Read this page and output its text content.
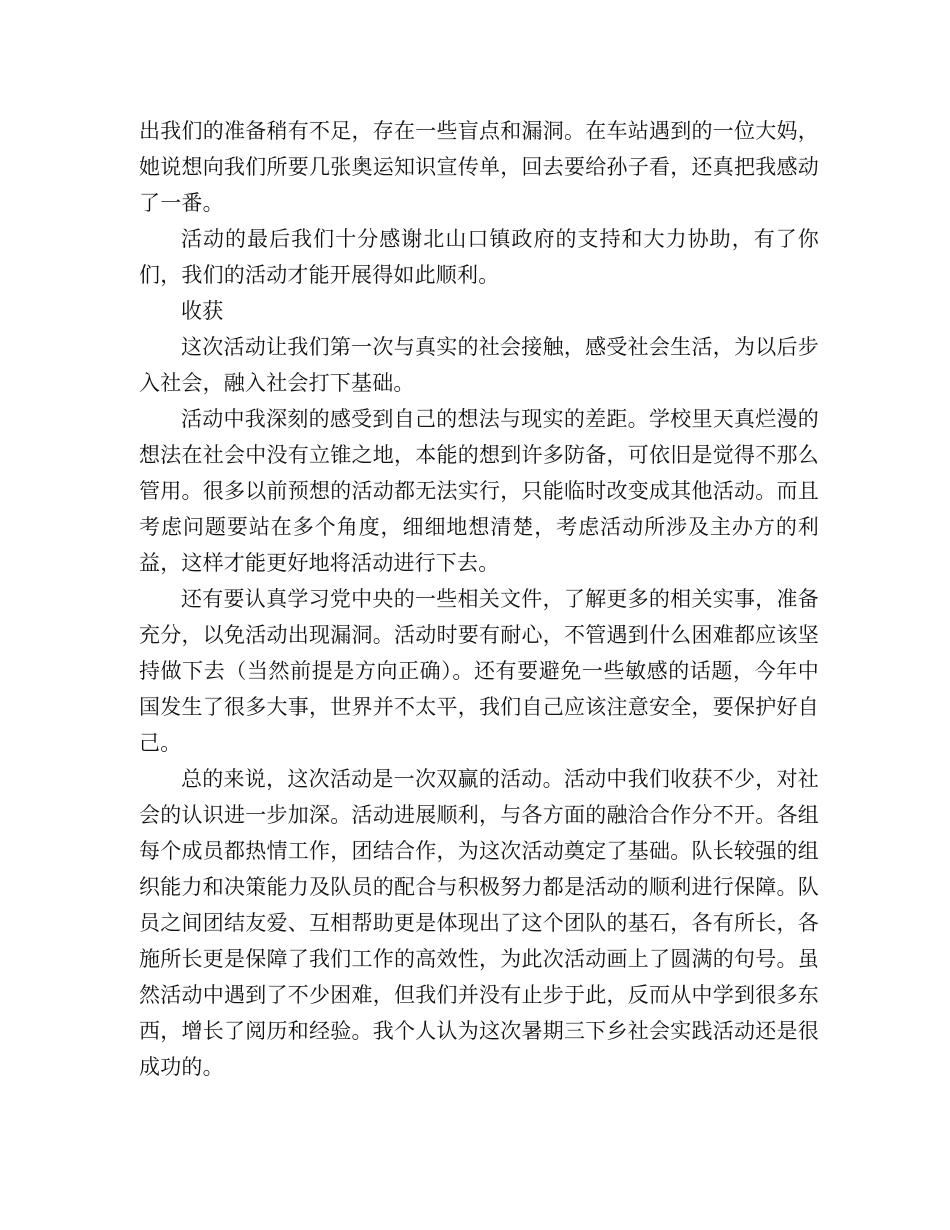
出我们的准备稍有不足，存在一些盲点和漏洞。在车站遇到的一位大妈，她说想向我们所要几张奥运知识宣传单，回去要给孙子看，还真把我感动了一番。

活动的最后我们十分感谢北山口镇政府的支持和大力协助，有了你们，我们的活动才能开展得如此顺利。

收获

这次活动让我们第一次与真实的社会接触，感受社会生活，为以后步入社会，融入社会打下基础。

活动中我深刻的感受到自己的想法与现实的差距。学校里天真烂漫的想法在社会中没有立锥之地，本能的想到许多防备，可依旧是觉得不那么管用。很多以前预想的活动都无法实行，只能临时改变成其他活动。而且考虑问题要站在多个角度，细细地想清楚，考虑活动所涉及主办方的利益，这样才能更好地将活动进行下去。

还有要认真学习党中央的一些相关文件，了解更多的相关实事，准备充分，以免活动出现漏洞。活动时要有耐心，不管遇到什么困难都应该坚持做下去（当然前提是方向正确）。还有要避免一些敏感的话题，今年中国发生了很多大事，世界并不太平，我们自己应该注意安全，要保护好自己。

总的来说，这次活动是一次双赢的活动。活动中我们收获不少，对社会的认识进一步加深。活动进展顺利，与各方面的融洽合作分不开。各组每个成员都热情工作，团结合作，为这次活动奠定了基础。队长较强的组织能力和决策能力及队员的配合与积极努力都是活动的顺利进行保障。队员之间团结友爱、互相帮助更是体现出了这个团队的基石，各有所长，各施所长更是保障了我们工作的高效性，为此次活动画上了圆满的句号。虽然活动中遇到了不少困难，但我们并没有止步于此，反而从中学到很多东西，增长了阅历和经验。我个人认为这次暑期三下乡社会实践活动还是很成功的。
